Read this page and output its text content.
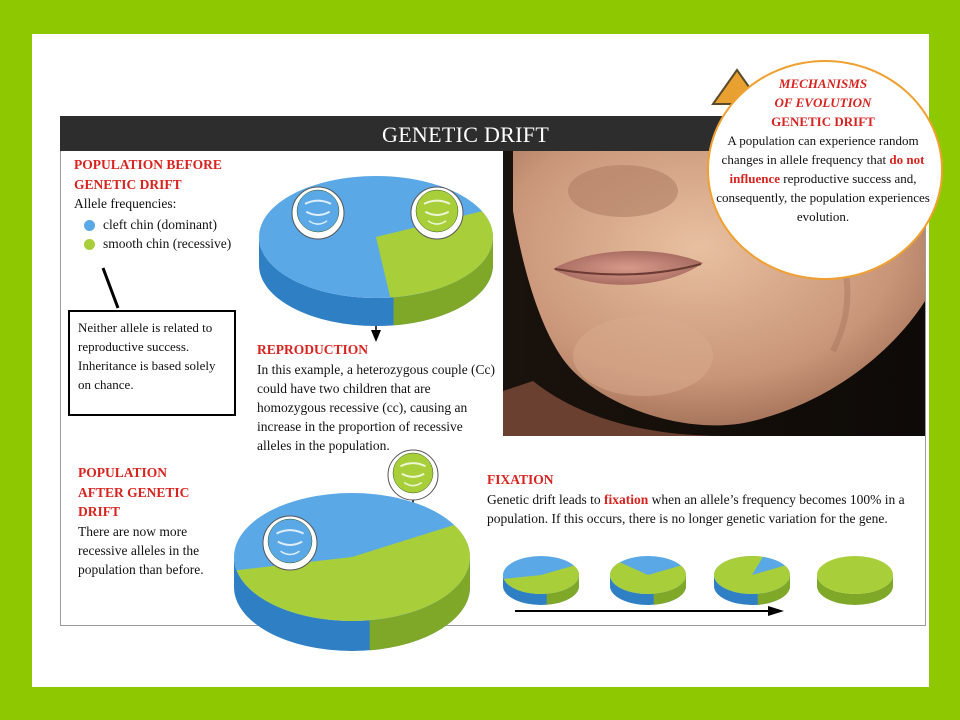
GENETIC DRIFT
MECHANISMS
OF EVOLUTION
GENETIC DRIFT
A population can experience random changes in allele frequency that do not influence reproductive success and, consequently, the population experiences evolution.
POPULATION BEFORE
GENETIC DRIFT
Allele frequencies:
cleft chin (dominant)
smooth chin (recessive)
Neither allele is related to reproductive success. Inheritance is based solely on chance.
REPRODUCTION
In this example, a heterozygous couple (Cc) could have two children that are homozygous recessive (cc), causing an increase in the proportion of recessive alleles in the population.
POPULATION
AFTER GENETIC
DRIFT
There are now more recessive alleles in the population than before.
FIXATION
Genetic drift leads to fixation when an allele’s frequency becomes 100% in a population. If this occurs, there is no longer genetic variation for the gene.
